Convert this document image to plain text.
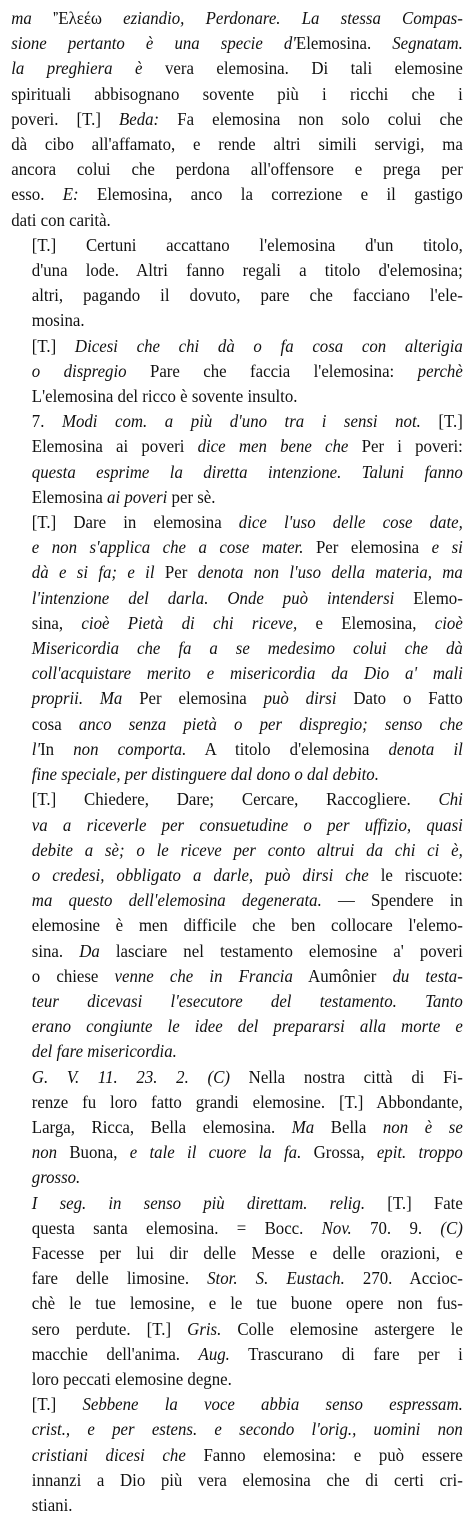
ma 'Ἐλεέω eziandio, Perdonare. La stessa Compas-
sione pertanto è una specie d'Elemosina. Segnatam.
la preghiera è vera elemosina. Di tali elemosine
spirituali abbisognano sovente più i ricchi che i
poveri. [T.] Beda: Fa elemosina non solo colui che
dà cibo all'affamato, e rende altri simili servigi, ma
ancora colui che perdona all'offensore e prega per
esso. E: Elemosina, anco la correzione e il gastigo
dati con carità.
[T.] Certuni accattano l'elemosina d'un titolo,
d'una lode. Altri fanno regali a titolo d'elemosina;
altri, pagando il dovuto, pare che facciano l'ele-
mosina.
[T.] Dicesi che chi dà o fa cosa con alterigia
o dispregio Pare che faccia l'elemosina: perchè
L'elemosina del ricco è sovente insulto.
7. Modi com. a più d'uno tra i sensi not. [T.]
Elemosina ai poveri dice men bene che Per i poveri:
questa esprime la diretta intenzione. Taluni fanno
Elemosina ai poveri per sè.
[T.] Dare in elemosina dice l'uso delle cose date,
e non s'applica che a cose mater. Per elemosina e si
dà e si fa; e il Per denota non l'uso della materia, ma
l'intenzione del darla. Onde può intendersi Elemo-
sina, cioè Pietà di chi riceve, e Elemosina, cioè
Misericordia che fa a se medesimo colui che dà
coll'acquistare merito e misericordia da Dio a' mali
proprii. Ma Per elemosina può dirsi Dato o Fatto
cosa anco senza pietà o per dispregio; senso che
l'In non comporta. A titolo d'elemosina denota il
fine speciale, per distinguere dal dono o dal debito.
[T.] Chiedere, Dare; Cercare, Raccogliere. Chi
va a riceverle per consuetudine o per uffizio, quasi
debite a sè; o le riceve per conto altrui da chi ci è,
o credesi, obbligato a darle, può dirsi che le riscuote:
ma questo dell'elemosina degenerata. — Spendere in
elemosine è men difficile che ben collocare l'elemo-
sina. Da lasciare nel testamento elemosine a' poveri
o chiese venne che in Francia Aumônier du testa-
teur dicevasi l'esecutore del testamento. Tanto
erano congiunte le idee del prepararsi alla morte e
del fare misericordia.
G. V. 11. 23. 2. (C) Nella nostra città di Fi-
renze fu loro fatto grandi elemosine. [T.] Abbondante,
Larga, Ricca, Bella elemosina. Ma Bella non è se
non Buona, e tale il cuore la fa. Grossa, epit. troppo
grosso.
I seg. in senso più direttam. relig. [T.] Fate
questa santa elemosina. = Bocc. Nov. 70. 9. (C)
Facesse per lui dir delle Messe e delle orazioni, e
fare delle limosine. Stor. S. Eustach. 270. Accioc-
chè le tue lemosine, e le tue buone opere non fus-
sero perdute. [T.] Gris. Colle elemosine astergere le
macchie dell'anima. Aug. Trascurano di fare per i
loro peccati elemosine degne.
[T.] Sebbene la voce abbia senso espressam.
crist., e per estens. e secondo l'orig., uomini non
cristiani dicesi che Fanno elemosina: e può essere
innanzi a Dio più vera elemosina che di certi cri-
stiani.
